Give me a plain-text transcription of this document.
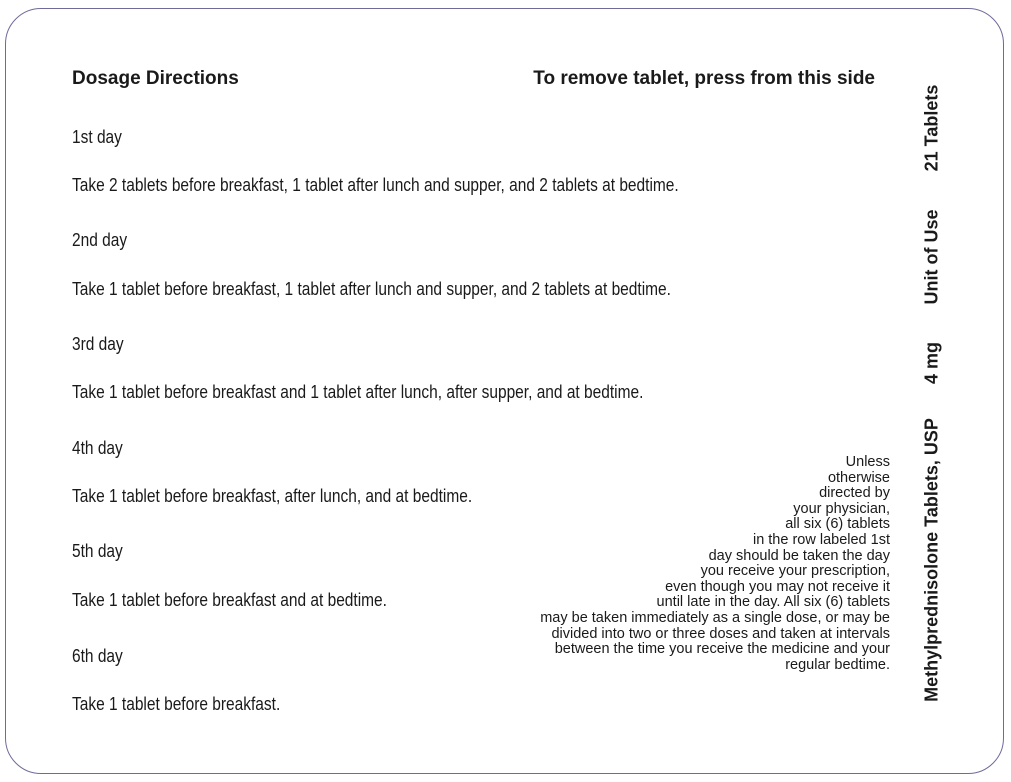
Dosage Directions	To remove tablet, press from this side
1st day
Take 2 tablets before breakfast, 1 tablet after lunch and supper, and 2 tablets at bedtime.
2nd day
Take 1 tablet before breakfast, 1 tablet after lunch and supper, and 2 tablets at bedtime.
3rd day
Take 1 tablet before breakfast and 1 tablet after lunch, after supper, and at bedtime.
4th day
Take 1 tablet before breakfast, after lunch, and at bedtime.
5th day
Take 1 tablet before breakfast and at bedtime.
6th day
Take 1 tablet before breakfast.
Unless
otherwise
directed by
your physician,
all six (6) tablets
in the row labeled 1st
day should be taken the day
you receive your prescription,
even though you may not receive it
until late in the day. All six (6) tablets
may be taken immediately as a single dose, or may be
divided into two or three doses and taken at intervals
between the time you receive the medicine and your
regular bedtime.
21 Tablets
Unit of Use
4 mg
Methylprednisolone Tablets, USP
